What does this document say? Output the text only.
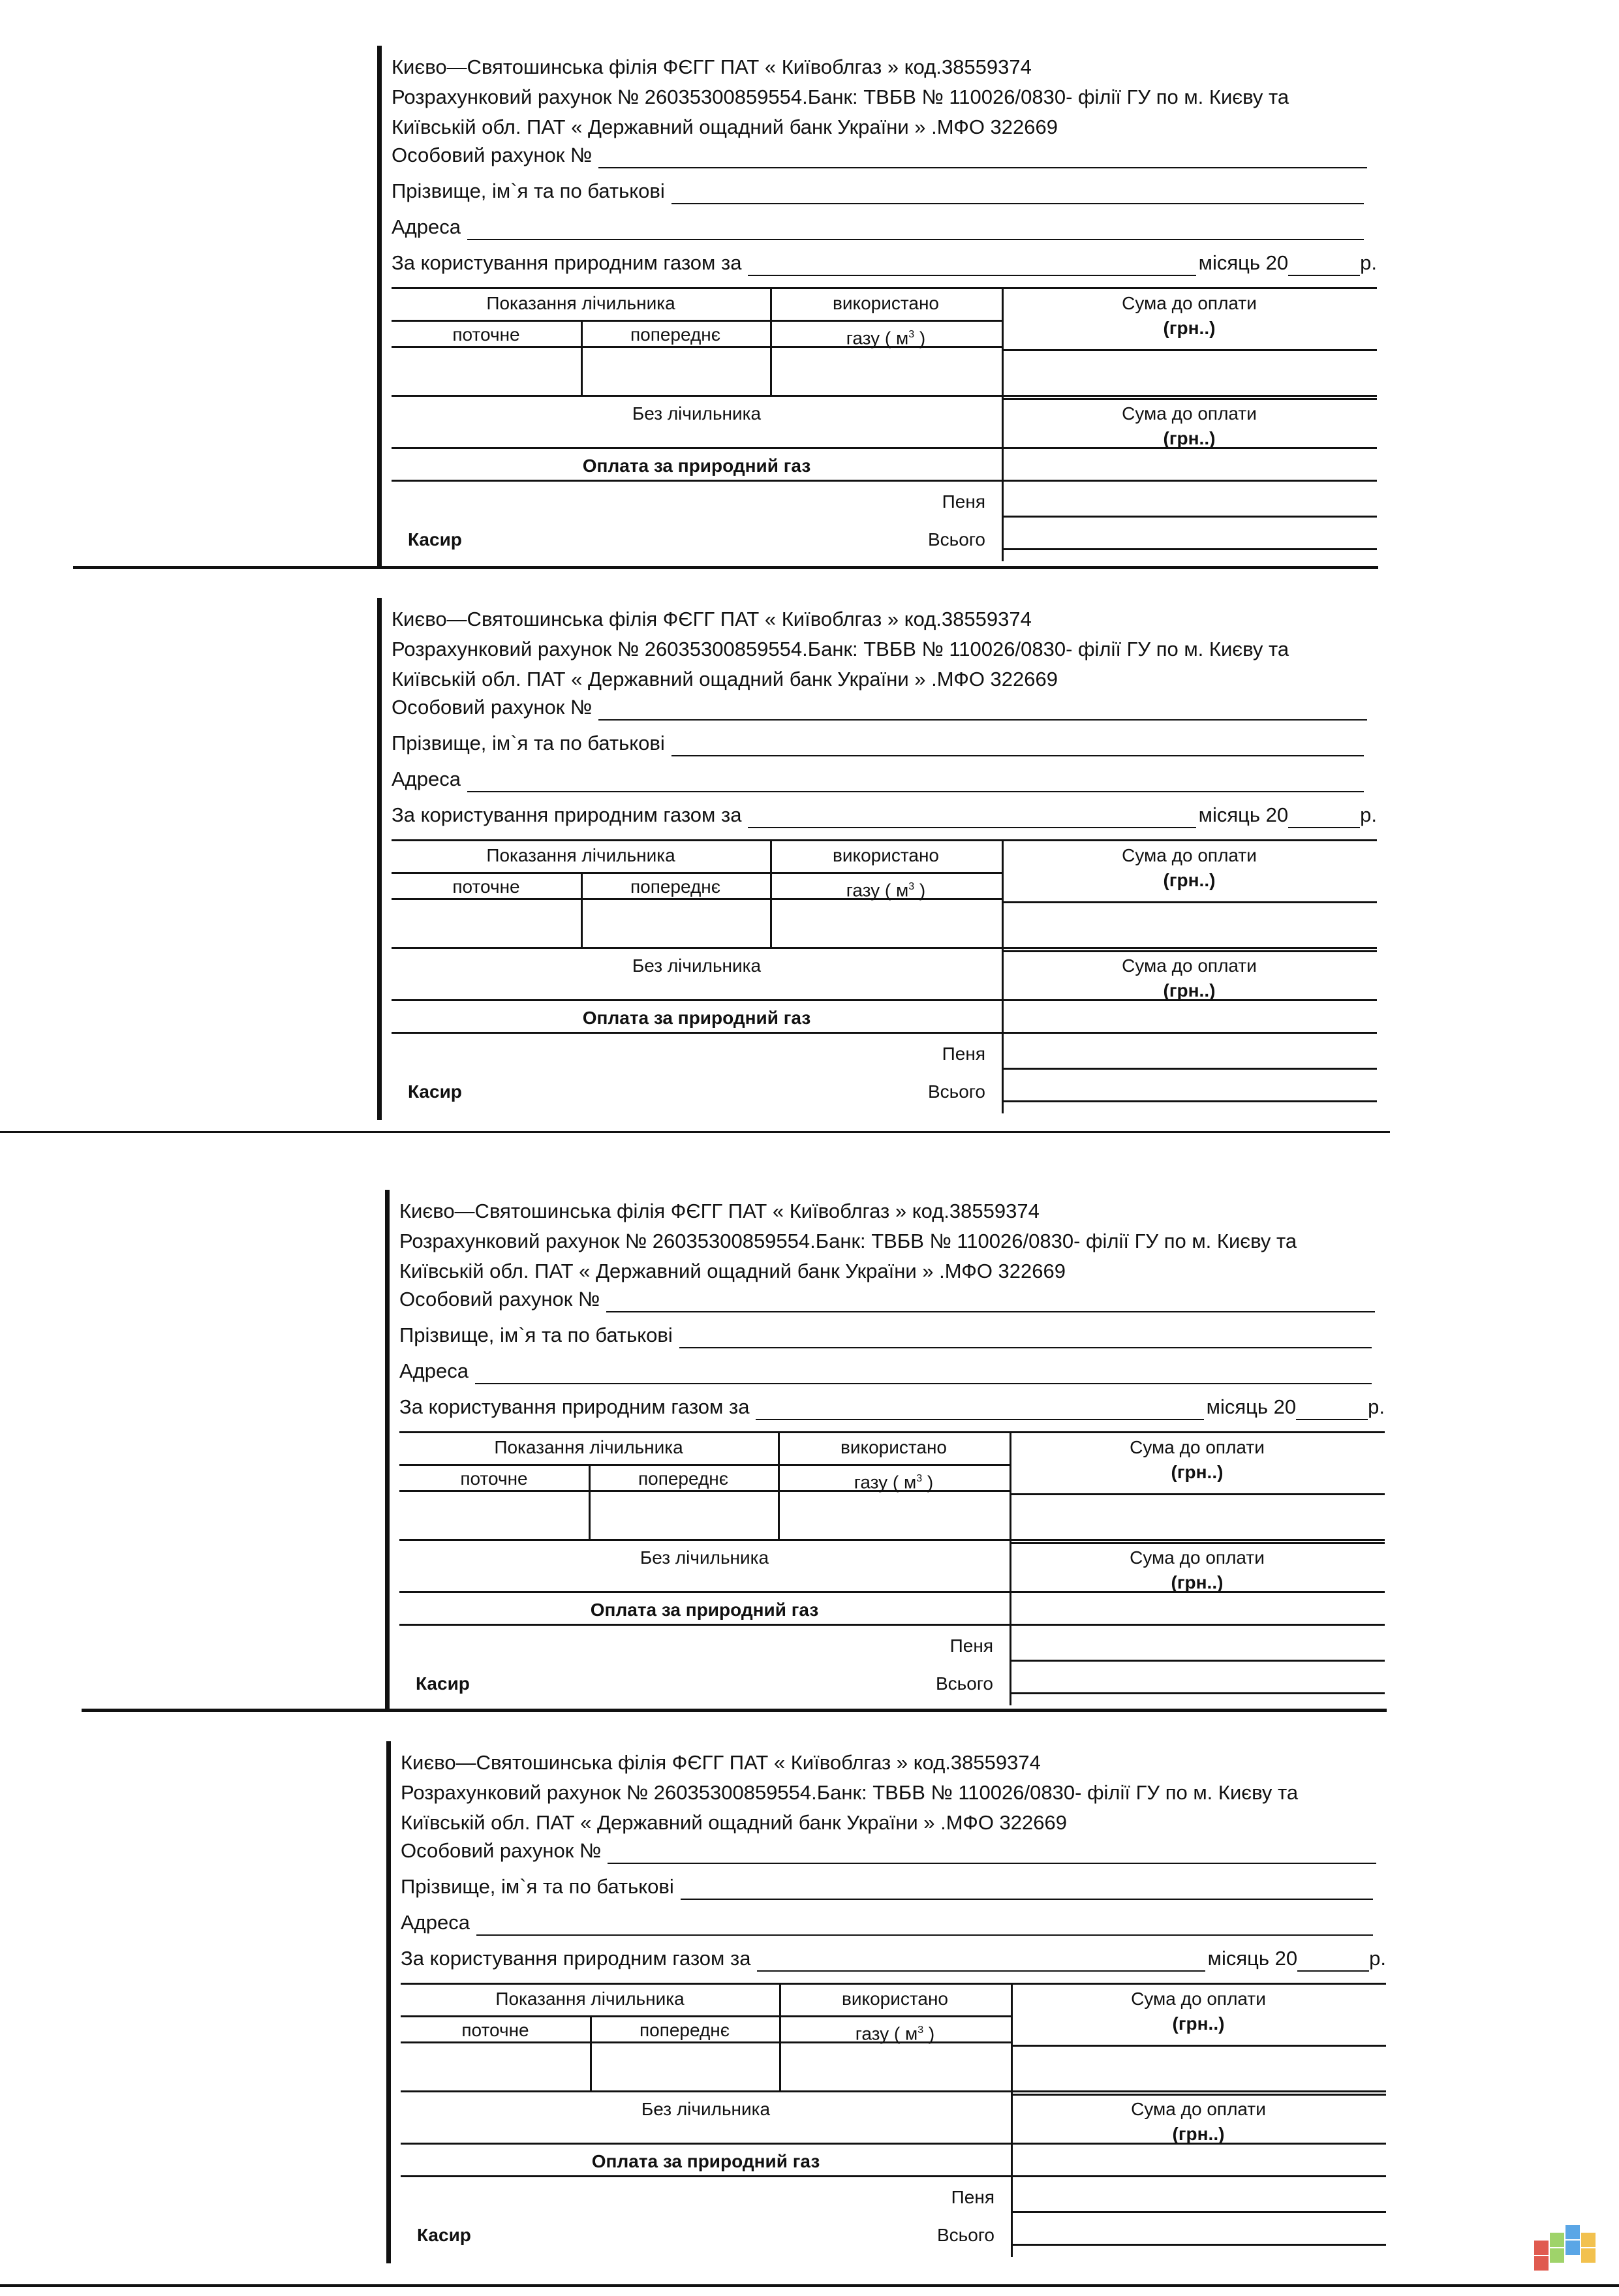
Києво—Святошинська філія ФЄГГ ПАТ « Київоблгаз » код.38559374
Розрахунковий рахунок № 26035300859554.Банк: ТВБВ № 110026/0830- філії ГУ по м. Києву та
Київській обл. ПАТ « Державний ощадний банк України » .МФО 322669
Особовий рахунок №
Прізвище, ім`я та по батькові
Адреса
За користування природним газом за	місяць 20	р.
Показання лічильника	використано
поточне	попереднє	газу ( $м^3$ )
Сума до оплати
(грн..)
Без лічильника	Сума до оплати
(грн..)
Оплата за природний газ
Пеня
Касир	Всього
Києво—Святошинська філія ФЄГГ ПАТ « Київоблгаз » код.38559374
Розрахунковий рахунок № 26035300859554.Банк: ТВБВ № 110026/0830- філії ГУ по м. Києву та
Київській обл. ПАТ « Державний ощадний банк України » .МФО 322669
Особовий рахунок №
Прізвище, ім`я та по батькові
Адреса
За користування природним газом за	місяць 20	р.
Показання лічильника	використано
поточне	попереднє	газу ( $м^3$ )
Сума до оплати
(грн..)
Без лічильника	Сума до оплати
(грн..)
Оплата за природний газ
Пеня
Касир	Всього
Києво—Святошинська філія ФЄГГ ПАТ « Київоблгаз » код.38559374
Розрахунковий рахунок № 26035300859554.Банк: ТВБВ № 110026/0830- філії ГУ по м. Києву та
Київській обл. ПАТ « Державний ощадний банк України » .МФО 322669
Особовий рахунок №
Прізвище, ім`я та по батькові
Адреса
За користування природним газом за	місяць 20	р.
Показання лічильника	використано
поточне	попереднє	газу ( $м^3$ )
Сума до оплати
(грн..)
Без лічильника	Сума до оплати
(грн..)
Оплата за природний газ
Пеня
Касир	Всього
Києво—Святошинська філія ФЄГГ ПАТ « Київоблгаз » код.38559374
Розрахунковий рахунок № 26035300859554.Банк: ТВБВ № 110026/0830- філії ГУ по м. Києву та
Київській обл. ПАТ « Державний ощадний банк України » .МФО 322669
Особовий рахунок №
Прізвище, ім`я та по батькові
Адреса
За користування природним газом за	місяць 20	р.
Показання лічильника	використано
поточне	попереднє	газу ( $м^3$ )
Сума до оплати
(грн..)
Без лічильника	Сума до оплати
(грн..)
Оплата за природний газ
Пеня
Касир	Всього
